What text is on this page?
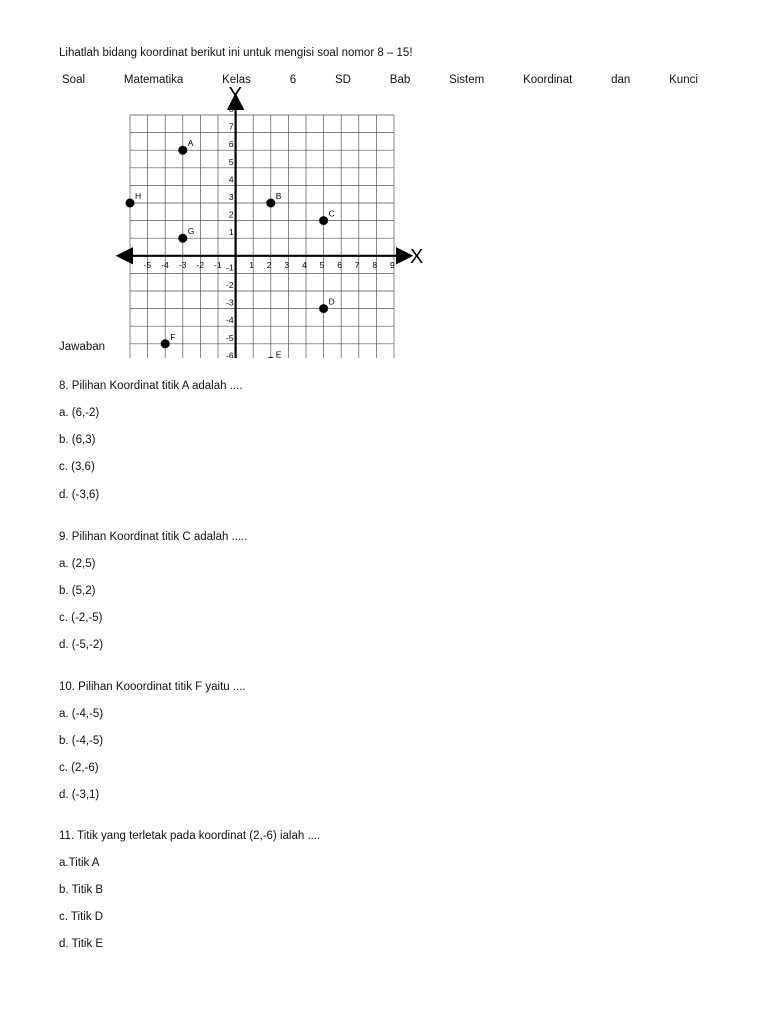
Lihatlah bidang koordinat berikut ini untuk mengisi soal nomor 8 – 15!
Soal	Matematika	Kelas	6	SD	Bab	Sistem	Koordinat	dan	Kunci
X
Y
-5 -4 -3 -2 -1	1 2 3 4 5 6 7 8 9
8
7
6
5
4
3
2
1
-1
-2
-3
-4
-5
-6
A
B
C
D
E
F
G
H
Jawaban
8. Pilihan Koordinat titik A adalah ....
a. (6,-2)
b. (6,3)
c. (3,6)
d. (-3,6)
9. Pilihan Koordinat titik C adalah .....
a. (2,5)
b. (5,2)
c. (-2,-5)
d. (-5,-2)
10. Pilihan Kooordinat titik F yaitu ....
a. (-4,-5)
b. (-4,-5)
c. (2,-6)
d. (-3,1)
11. Titik yang terletak pada koordinat (2,-6) ialah ....
a.Titik A
b. Titik B
c. Titik D
d. Titik E
